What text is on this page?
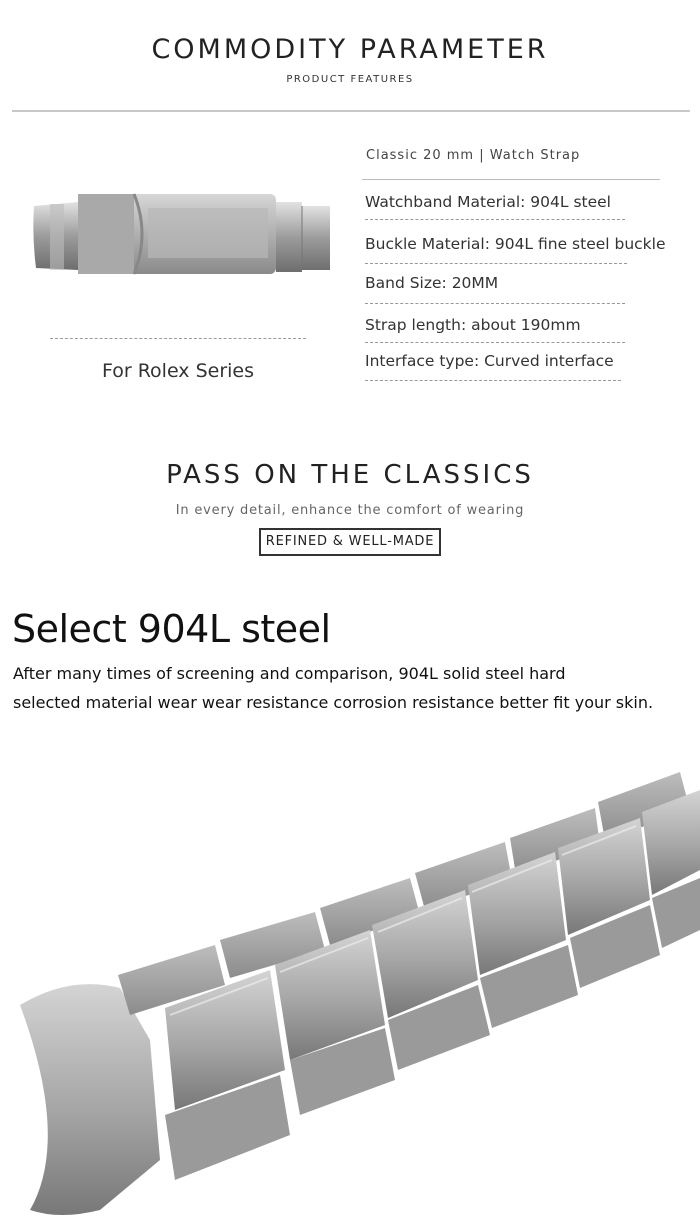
COMMODITY PARAMETER
PRODUCT FEATURES
For Rolex Series
Classic 20 mm | Watch Strap
Watchband Material: 904L steel
Buckle Material: 904L fine steel buckle
Band Size: 20MM
Strap length: about 190mm
Interface type: Curved interface
PASS ON THE CLASSICS
In every detail, enhance the comfort of wearing
REFINED & WELL-MADE
Select 904L steel
After many times of screening and comparison, 904L solid steel hard
selected material wear wear resistance corrosion resistance better fit your skin.
